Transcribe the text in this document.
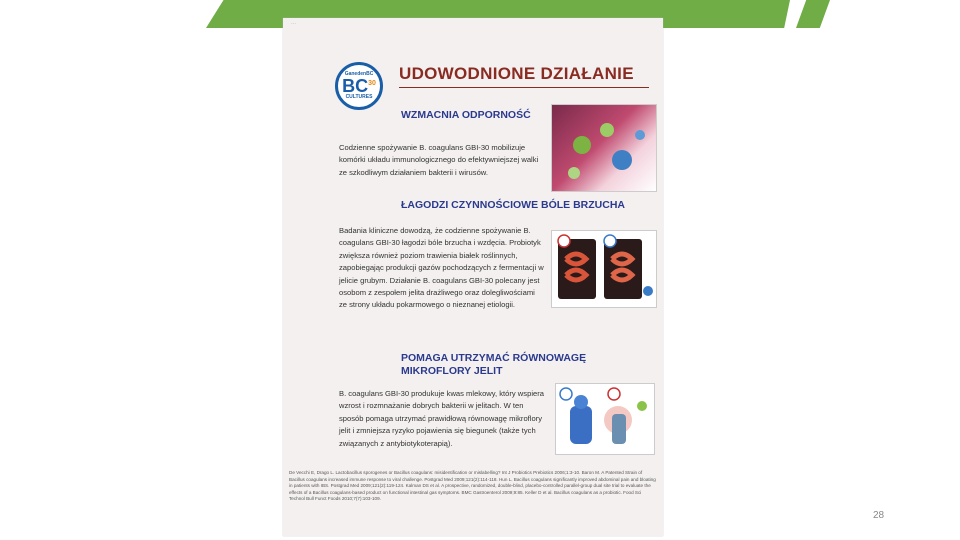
...
GanedenBC
BC$^{30}$
CULTURES
UDOWODNIONE DZIAŁANIE
WZMACNIA ODPORNOŚĆ
Codzienne spożywanie B. coagulans GBI-30 mobilizuje komórki układu immunologicznego do efektywniejszej walki ze szkodliwym działaniem bakterii i wirusów.
ŁAGODZI CZYNNOŚCIOWE BÓLE BRZUCHA
Badania kliniczne dowodzą, że codzienne spożywanie B. coagulans GBI-30 łagodzi bóle brzucha i wzdęcia. Probiotyk zwiększa również poziom trawienia białek roślinnych, zapobiegając produkcji gazów pochodzących z fermentacji w jelicie grubym. Działanie B. coagulans GBI-30 polecany jest osobom z zespołem jelita drażliwego oraz dolegliwościami ze strony układu pokarmowego o nieznanej etiologii.
POMAGA UTRZYMAĆ RÓWNOWAGĘ MIKROFLORY JELIT
B. coagulans GBI-30 produkuje kwas mlekowy, który wspiera wzrost i rozmnażanie dobrych bakterii w jelitach. W ten sposób pomaga utrzymać prawidłową równowagę mikroflory jelit i zmniejsza ryzyko pojawienia się biegunek (także tych związanych z antybiotykoterapią).
De Vecchi E, Drago L. Lactobacillus sporogenes or Bacillus coagulans: misidentification or mislabelling? Int J Probiotics Prebiotics 2006;1:3-10. Baron M. A Patented Strain of Bacillus coagulans increased immune response to viral challenge. Postgrad Med 2009;121(2):114-118. Hun L. Bacillus coagulans significantly improved abdominal pain and bloating in patients with IBS. Postgrad Med 2009;121(2):119-124. Kalman DS et al. A prospective, randomized, double-blind, placebo-controlled parallel-group dual site trial to evaluate the effects of a Bacillus coagulans-based product on functional intestinal gas symptoms. BMC Gastroenterol 2009;9:85. Keller D et al. Bacillus coagulans as a probiotic. Food Sci Technol Bull Funct Foods 2010;7(7):103-109.
28
